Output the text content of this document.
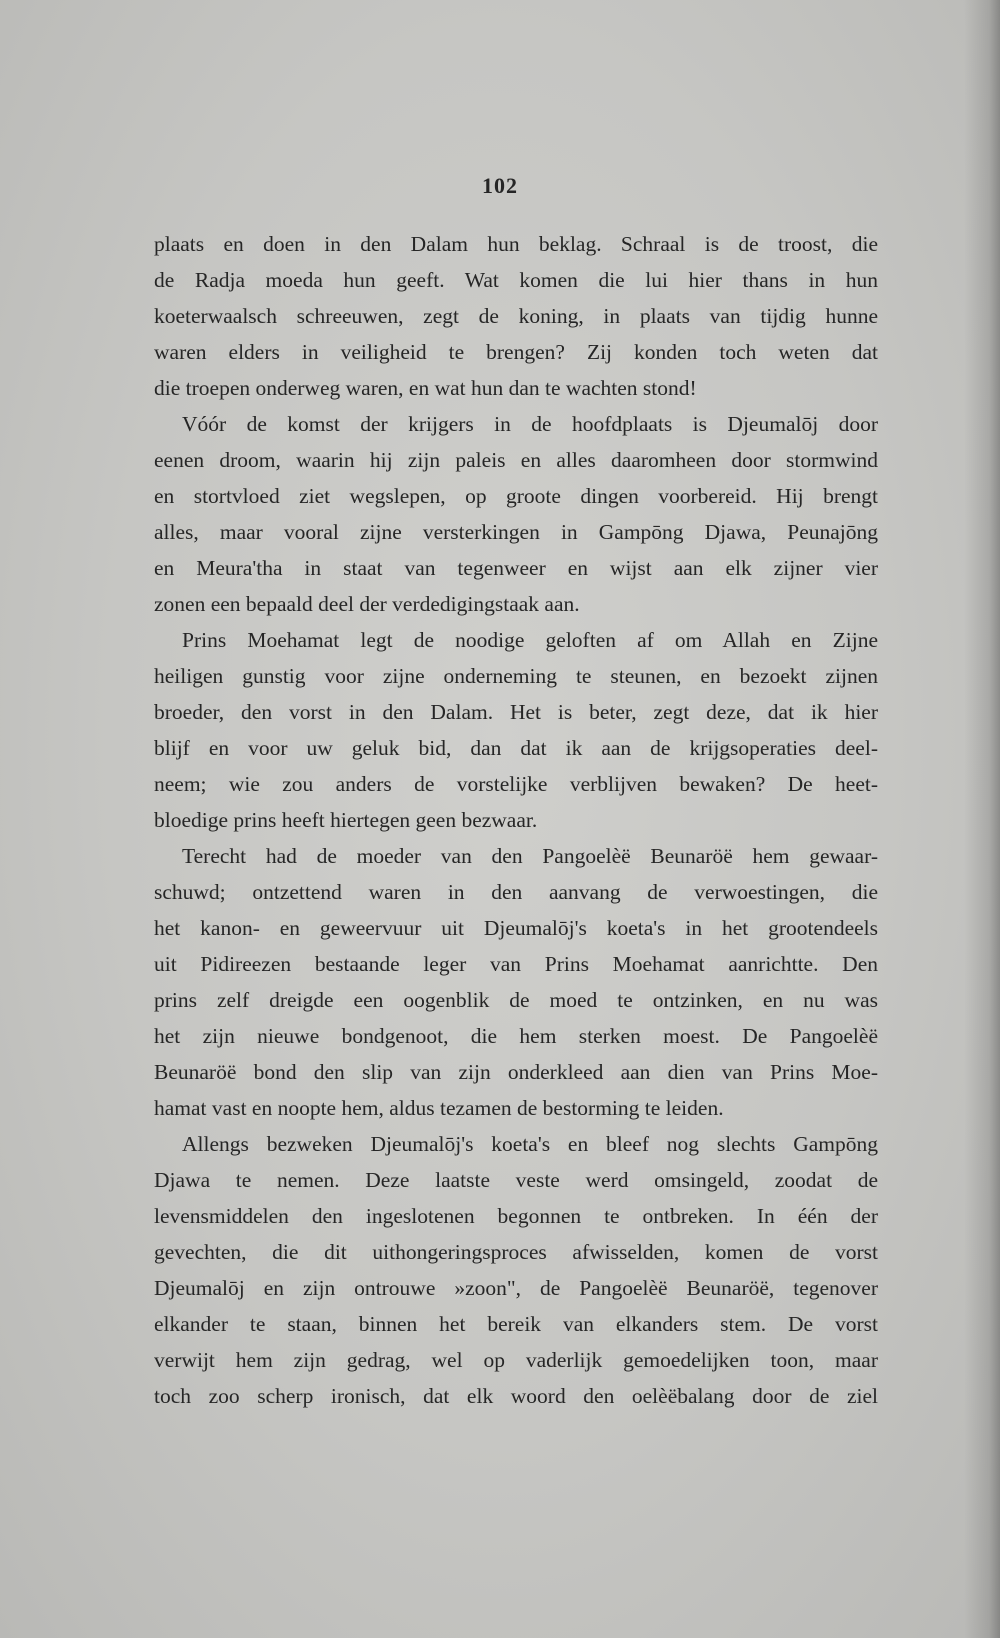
102
plaats en doen in den Dalam hun beklag. Schraal is de troost, die
de Radja moeda hun geeft. Wat komen die lui hier thans in hun
koeterwaalsch schreeuwen, zegt de koning, in plaats van tijdig hunne
waren elders in veiligheid te brengen? Zij konden toch weten dat
die troepen onderweg waren, en wat hun dan te wachten stond!
Vóór de komst der krijgers in de hoofdplaats is Djeumalōj door
eenen droom, waarin hij zijn paleis en alles daaromheen door stormwind
en stortvloed ziet wegslepen, op groote dingen voorbereid. Hij brengt
alles, maar vooral zijne versterkingen in Gampōng Djawa, Peunajōng
en Meura'tha in staat van tegenweer en wijst aan elk zijner vier
zonen een bepaald deel der verdedigingstaak aan.
Prins Moehamat legt de noodige geloften af om Allah en Zijne
heiligen gunstig voor zijne onderneming te steunen, en bezoekt zijnen
broeder, den vorst in den Dalam. Het is beter, zegt deze, dat ik hier
blijf en voor uw geluk bid, dan dat ik aan de krijgsoperaties deel-
neem; wie zou anders de vorstelijke verblijven bewaken? De heet-
bloedige prins heeft hiertegen geen bezwaar.
Terecht had de moeder van den Pangoelèë Beunaröë hem gewaar-
schuwd; ontzettend waren in den aanvang de verwoestingen, die
het kanon- en geweervuur uit Djeumalōj's koeta's in het grootendeels
uit Pidireezen bestaande leger van Prins Moehamat aanrichtte. Den
prins zelf dreigde een oogenblik de moed te ontzinken, en nu was
het zijn nieuwe bondgenoot, die hem sterken moest. De Pangoelèë
Beunaröë bond den slip van zijn onderkleed aan dien van Prins Moe-
hamat vast en noopte hem, aldus tezamen de bestorming te leiden.
Allengs bezweken Djeumalōj's koeta's en bleef nog slechts Gampōng
Djawa te nemen. Deze laatste veste werd omsingeld, zoodat de
levensmiddelen den ingeslotenen begonnen te ontbreken. In één der
gevechten, die dit uithongeringsproces afwisselden, komen de vorst
Djeumalōj en zijn ontrouwe »zoon", de Pangoelèë Beunaröë, tegenover
elkander te staan, binnen het bereik van elkanders stem. De vorst
verwijt hem zijn gedrag, wel op vaderlijk gemoedelijken toon, maar
toch zoo scherp ironisch, dat elk woord den oelèëbalang door de ziel
